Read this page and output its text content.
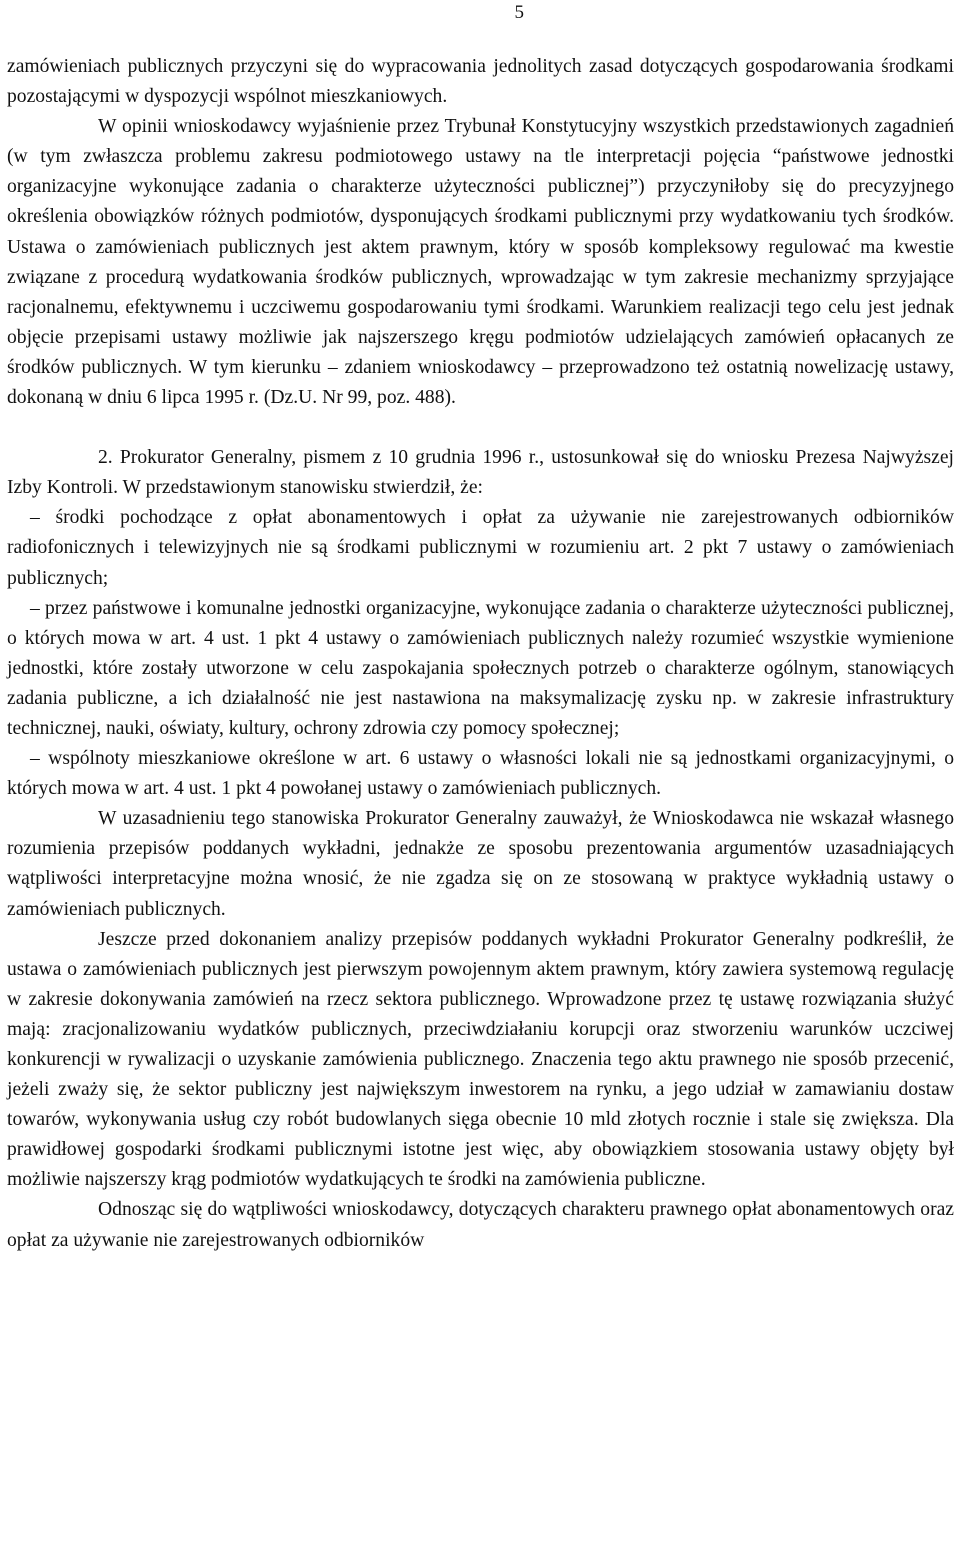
5

zamówieniach publicznych przyczyni się do wypracowania jednolitych zasad dotyczących gospodarowania środkami pozostającymi w dyspozycji wspólnot mieszkaniowych.

W opinii wnioskodawcy wyjaśnienie przez Trybunał Konstytucyjny wszystkich przedstawionych zagadnień (w tym zwłaszcza problemu zakresu podmiotowego ustawy na tle interpretacji pojęcia “państwowe jednostki organizacyjne wykonujące zadania o charakterze użyteczności publicznej”) przyczyniłoby się do precyzyjnego określenia obowiązków różnych podmiotów, dysponujących środkami publicznymi przy wydatkowaniu tych środków. Ustawa o zamówieniach publicznych jest aktem prawnym, który w sposób kompleksowy regulować ma kwestie związane z procedurą wydatkowania środków publicznych, wprowadzając w tym zakresie mechanizmy sprzyjające racjonalnemu, efektywnemu i uczciwemu gospodarowaniu tymi środkami. Warunkiem realizacji tego celu jest jednak objęcie przepisami ustawy możliwie jak najszerszego kręgu podmiotów udzielających zamówień opłacanych ze środków publicznych. W tym kierunku – zdaniem wnioskodawcy – przeprowadzono też ostatnią nowelizację ustawy, dokonaną w dniu 6 lipca 1995 r. (Dz.U. Nr 99, poz. 488).

2. Prokurator Generalny, pismem z 10 grudnia 1996 r., ustosunkował się do wniosku Prezesa Najwyższej Izby Kontroli. W przedstawionym stanowisku stwierdził, że:

– środki pochodzące z opłat abonamentowych i opłat za używanie nie zarejestrowanych odbiorników radiofonicznych i telewizyjnych nie są środkami publicznymi w rozumieniu art. 2 pkt 7 ustawy o zamówieniach publicznych;

– przez państwowe i komunalne jednostki organizacyjne, wykonujące zadania o charakterze użyteczności publicznej, o których mowa w art. 4 ust. 1 pkt 4 ustawy o zamówieniach publicznych należy rozumieć wszystkie wymienione jednostki, które zostały utworzone w celu zaspokajania społecznych potrzeb o charakterze ogólnym, stanowiących zadania publiczne, a ich działalność nie jest nastawiona na maksymalizację zysku np. w zakresie infrastruktury technicznej, nauki, oświaty, kultury, ochrony zdrowia czy pomocy społecznej;

– wspólnoty mieszkaniowe określone w art. 6 ustawy o własności lokali nie są jednostkami organizacyjnymi, o których mowa w art. 4 ust. 1 pkt 4 powołanej ustawy o zamówieniach publicznych.

W uzasadnieniu tego stanowiska Prokurator Generalny zauważył, że Wnioskodawca nie wskazał własnego rozumienia przepisów poddanych wykładni, jednakże ze sposobu prezentowania argumentów uzasadniających wątpliwości interpretacyjne można wnosić, że nie zgadza się on ze stosowaną w praktyce wykładnią ustawy o zamówieniach publicznych.

Jeszcze przed dokonaniem analizy przepisów poddanych wykładni Prokurator Generalny podkreślił, że ustawa o zamówieniach publicznych jest pierwszym powojennym aktem prawnym, który zawiera systemową regulację w zakresie dokonywania zamówień na rzecz sektora publicznego. Wprowadzone przez tę ustawę rozwiązania służyć mają: zracjonalizowaniu wydatków publicznych, przeciwdziałaniu korupcji oraz stworzeniu warunków uczciwej konkurencji w rywalizacji o uzyskanie zamówienia publicznego. Znaczenia tego aktu prawnego nie sposób przecenić, jeżeli zważy się, że sektor publiczny jest największym inwestorem na rynku, a jego udział w zamawianiu dostaw towarów, wykonywania usług czy robót budowlanych sięga obecnie 10 mld złotych rocznie i stale się zwiększa. Dla prawidłowej gospodarki środkami publicznymi istotne jest więc, aby obowiązkiem stosowania ustawy objęty był możliwie najszerszy krąg podmiotów wydatkujących te środki na zamówienia publiczne.

Odnosząc się do wątpliwości wnioskodawcy, dotyczących charakteru prawnego opłat abonamentowych oraz opłat za używanie nie zarejestrowanych odbiorników
